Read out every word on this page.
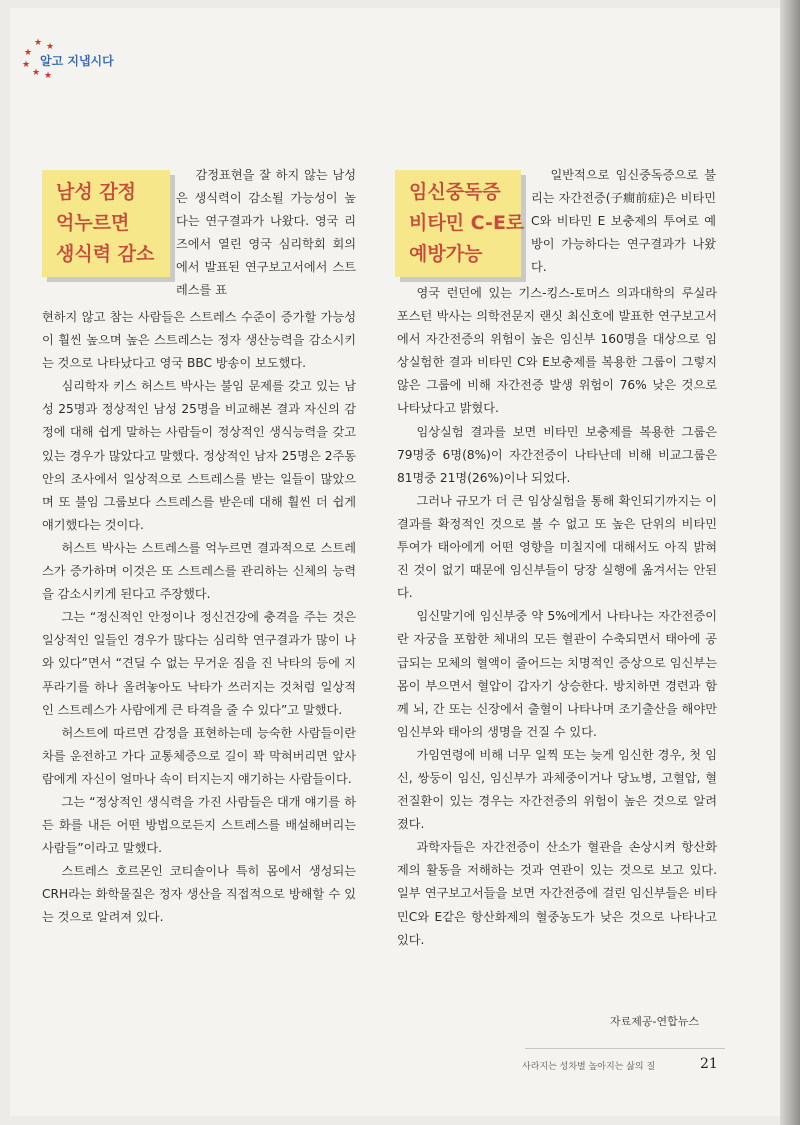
★ ★
★
★
★ ★
알고 지냅시다
남성 감정
억누르면
생식력 감소

감정표현을 잘 하지 않는 남성은 생식력이 감소될 가능성이 높다는 연구결과가 나왔다. 영국 리즈에서 열린 영국 심리학회 회의에서 발표된 연구보고서에서 스트레스를 표

현하지 않고 참는 사람들은 스트레스 수준이 증가할 가능성이 훨씬 높으며 높은 스트레스는 정자 생산능력을 감소시키는 것으로 나타났다고 영국 BBC 방송이 보도했다.

심리학자 키스 허스트 박사는 불임 문제를 갖고 있는 남성 25명과 정상적인 남성 25명을 비교해본 결과 자신의 감정에 대해 쉽게 말하는 사람들이 정상적인 생식능력을 갖고 있는 경우가 많았다고 말했다. 정상적인 남자 25명은 2주동안의 조사에서 일상적으로 스트레스를 받는 일들이 많았으며 또 불임 그룹보다 스트레스를 받은데 대해 훨씬 더 쉽게 얘기했다는 것이다.

허스트 박사는 스트레스를 억누르면 결과적으로 스트레스가 증가하며 이것은 또 스트레스를 관리하는 신체의 능력을 감소시키게 된다고 주장했다.

그는 “정신적인 안정이나 정신건강에 충격을 주는 것은 일상적인 일들인 경우가 많다는 심리학 연구결과가 많이 나와 있다”면서 “견딜 수 없는 무거운 짐을 진 낙타의 등에 지푸라기를 하나 올려놓아도 낙타가 쓰러지는 것처럼 일상적인 스트레스가 사람에게 큰 타격을 줄 수 있다”고 말했다.

허스트에 따르면 감정을 표현하는데 능숙한 사람들이란 차를 운전하고 가다 교통체증으로 길이 꽉 막혀버리면 앞사람에게 자신이 얼마나 속이 터지는지 얘기하는 사람들이다.

그는 “정상적인 생식력을 가진 사람들은 대개 얘기를 하든 화를 내든 어떤 방법으로든지 스트레스를 배설해버리는 사람들”이라고 말했다.

스트레스 호르몬인 코티솔이나 특히 몸에서 생성되는 CRH라는 화학물질은 정자 생산을 직접적으로 방해할 수 있는 것으로 알려져 있다.

임신중독증
비타민 C-E로
예방가능

일반적으로 임신중독증으로 불리는 자간전증(子癎前症)은 비타민 C와 비타민 E 보충제의 투여로 예방이 가능하다는 연구결과가 나왔다.

영국 런던에 있는 기스-킹스-토머스 의과대학의 루실라 포스턴 박사는 의학전문지 랜싯 최신호에 발표한 연구보고서에서 자간전증의 위험이 높은 임신부 160명을 대상으로 임상실험한 결과 비타민 C와 E보충제를 복용한 그룹이 그렇지 않은 그룹에 비해 자간전증 발생 위험이 76% 낮은 것으로 나타났다고 밝혔다.

임상실험 결과를 보면 비타민 보충제를 복용한 그룹은 79명중 6명(8%)이 자간전증이 나타난데 비해 비교그룹은 81명중 21명(26%)이나 되었다.

그러나 규모가 더 큰 임상실험을 통해 확인되기까지는 이 결과를 확정적인 것으로 볼 수 없고 또 높은 단위의 비타민 투여가 태아에게 어떤 영향을 미칠지에 대해서도 아직 밝혀진 것이 없기 때문에 임신부들이 당장 실행에 옮겨서는 안된다.

임신말기에 임신부중 약 5%에게서 나타나는 자간전증이란 자궁을 포함한 체내의 모든 혈관이 수축되면서 태아에 공급되는 모체의 혈액이 줄어드는 치명적인 증상으로 임신부는 몸이 부으면서 혈압이 갑자기 상승한다. 방치하면 경련과 함께 뇌, 간 또는 신장에서 출혈이 나타나며 조기출산을 해야만 임신부와 태아의 생명을 건질 수 있다.

가임연령에 비해 너무 일찍 또는 늦게 임신한 경우, 첫 임신, 쌍둥이 임신, 임신부가 과체중이거나 당뇨병, 고혈압, 혈전질환이 있는 경우는 자간전증의 위험이 높은 것으로 알려졌다.

과학자들은 자간전증이 산소가 혈관을 손상시켜 항산화제의 활동을 저해하는 것과 연관이 있는 것으로 보고 있다. 일부 연구보고서들을 보면 자간전증에 걸린 임신부들은 비타민C와 E같은 항산화제의 혈중농도가 낮은 것으로 나타나고 있다.

자료제공-연합뉴스
사라지는 성차별 높아지는 삶의 질	21
